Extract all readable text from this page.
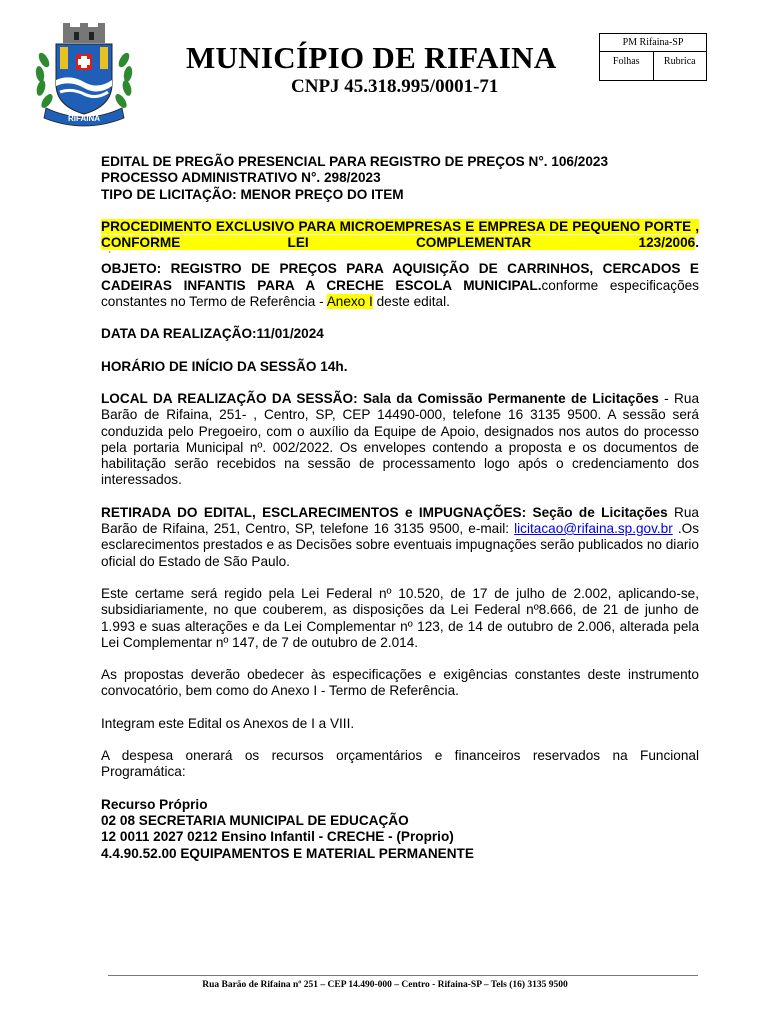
RIFAINA
MUNICÍPIO DE RIFAINA
CNPJ 45.318.995/0001-71
PM Rifaina-SP
Folhas	Rubrica

EDITAL DE PREGÃO PRESENCIAL PARA REGISTRO DE PREÇOS N°. 106/2023

PROCESSO ADMINISTRATIVO N°. 298/2023

TIPO DE LICITAÇÃO: MENOR PREÇO DO ITEM

PROCEDIMENTO EXCLUSIVO PARA MICROEMPRESAS E EMPRESA DE PEQUENO PORTE , CONFORME LEI COMPLEMENTAR 123/2006.

‘

OBJETO: REGISTRO DE PREÇOS PARA AQUISIÇÃO DE CARRINHOS, CERCADOS E CADEIRAS INFANTIS PARA A CRECHE ESCOLA MUNICIPAL.conforme especificações constantes no Termo de Referência - Anexo I deste edital.

DATA DA REALIZAÇÃO:11/01/2024

HORÁRIO DE INÍCIO DA SESSÃO 14h.

LOCAL DA REALIZAÇÃO DA SESSÃO: Sala da Comissão Permanente de Licitações - Rua Barão de Rifaina, 251- , Centro, SP, CEP 14490-000, telefone 16 3135 9500. A sessão será conduzida pelo Pregoeiro, com o auxílio da Equipe de Apoio, designados nos autos do processo pela portaria Municipal nº. 002/2022. Os envelopes contendo a proposta e os documentos de habilitação serão recebidos na sessão de processamento logo após o credenciamento dos interessados.

RETIRADA DO EDITAL, ESCLARECIMENTOS e IMPUGNAÇÕES: Seção de Licitações Rua Barão de Rifaina, 251, Centro, SP, telefone 16 3135 9500, e-mail: licitacao@rifaina.sp.gov.br .Os esclarecimentos prestados e as Decisões sobre eventuais impugnações serão publicados no diario oficial do Estado de São Paulo.

Este certame será regido pela Lei Federal nº 10.520, de 17 de julho de 2.002, aplicando-se, subsidiariamente, no que couberem, as disposições da Lei Federal nº8.666, de 21 de junho de 1.993 e suas alterações e da Lei Complementar nº 123, de 14 de outubro de 2.006, alterada pela Lei Complementar nº 147, de 7 de outubro de 2.014.

As propostas deverão obedecer às especificações e exigências constantes deste instrumento convocatório, bem como do Anexo I - Termo de Referência.

Integram este Edital os Anexos de I a VIII.

A despesa onerará os recursos orçamentários e financeiros reservados na Funcional Programática:

Recurso Próprio

02 08 SECRETARIA MUNICIPAL DE EDUCAÇÃO

12 0011 2027 0212 Ensino Infantil - CRECHE - (Proprio)

4.4.90.52.00 EQUIPAMENTOS E MATERIAL PERMANENTE

Rua Barão de Rifaina nº 251 – CEP 14.490-000 – Centro - Rifaina-SP – Tels (16) 3135 9500
